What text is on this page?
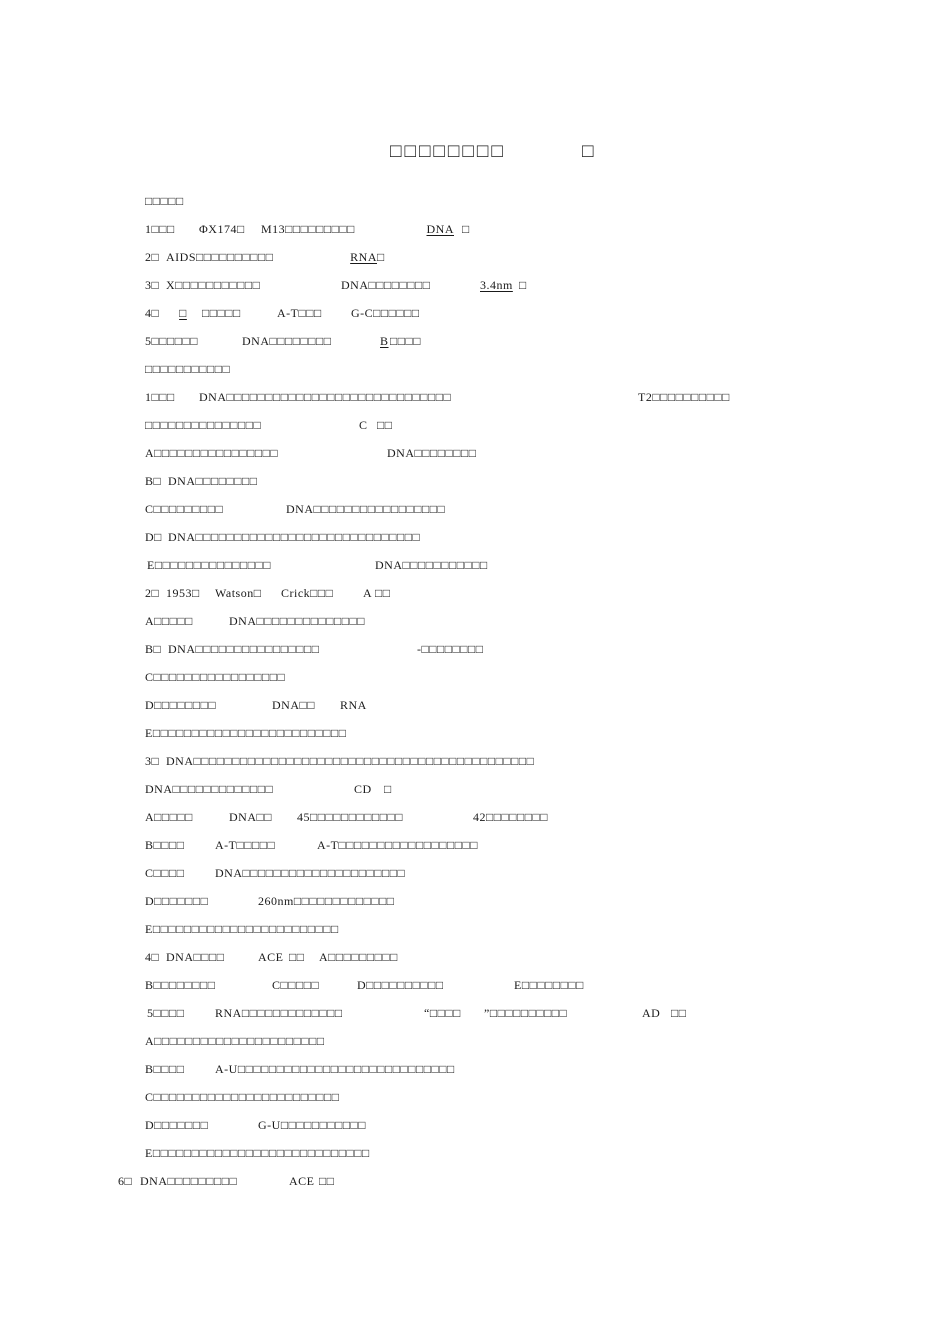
□□□□□□□□	□
□□□□□
1□□□ ΦX174□ M13□□□□□□□□□	DNA □
2□ AIDS□□□□□□□□□□	RNA □
3□ X□□□□□□□□□□□	DNA□□□□□□□□	3.4nm □
4□	□	□□□□□	A-T□□□ G-C□□□□□□
5□□□□□□	DNA□□□□□□□□	B □□□□
□□□□□□□□□□□
1□□□ DNA□□□□□□□□□□□□□□□□□□□□□□□□□□□□□	T2□□□□□□□□□□
□□□□□□□□□□□□□□□	C □□
A□□□□□□□□□□□□□□□□	DNA□□□□□□□□
B□ DNA□□□□□□□□
C□□□□□□□□□	DNA□□□□□□□□□□□□□□□□□
D□ DNA□□□□□□□□□□□□□□□□□□□□□□□□□□□□□
E□□□□□□□□□□□□□□□	DNA□□□□□□□□□□□
2□ 1953□ Watson□ Crick□□□ A □□
A□□□□□	DNA□□□□□□□□□□□□□□
B□ DNA□□□□□□□□□□□□□□□□	-□□□□□□□□
C□□□□□□□□□□□□□□□□□
D□□□□□□□□	DNA□□ RNA
E□□□□□□□□□□□□□□□□□□□□□□□□□
3□ DNA□□□□□□□□□□□□□□□□□□□□□□□□□□□□□□□□□□□□□□□□□□□□
DNA□□□□□□□□□□□□□	CD □
A□□□□□	DNA□□ 45□□□□□□□□□□□□	42□□□□□□□□
B□□□□	A-T□□□□□	A-T□□□□□□□□□□□□□□□□□□
C□□□□	DNA□□□□□□□□□□□□□□□□□□□□□
D□□□□□□□	260nm□□□□□□□□□□□□□
E□□□□□□□□□□□□□□□□□□□□□□□□
4□ DNA□□□□	ACE □□ A□□□□□□□□□
B□□□□□□□□	C□□□□□	D□□□□□□□□□□	E□□□□□□□□
5□□□□	RNA□□□□□□□□□□□□□	“□□□□ ”□□□□□□□□□□	AD □□
A□□□□□□□□□□□□□□□□□□□□□□
B□□□□	A-U□□□□□□□□□□□□□□□□□□□□□□□□□□□□
C□□□□□□□□□□□□□□□□□□□□□□□□
D□□□□□□□	G-U□□□□□□□□□□□
E□□□□□□□□□□□□□□□□□□□□□□□□□□□□
6□ DNA□□□□□□□□□	ACE □□
